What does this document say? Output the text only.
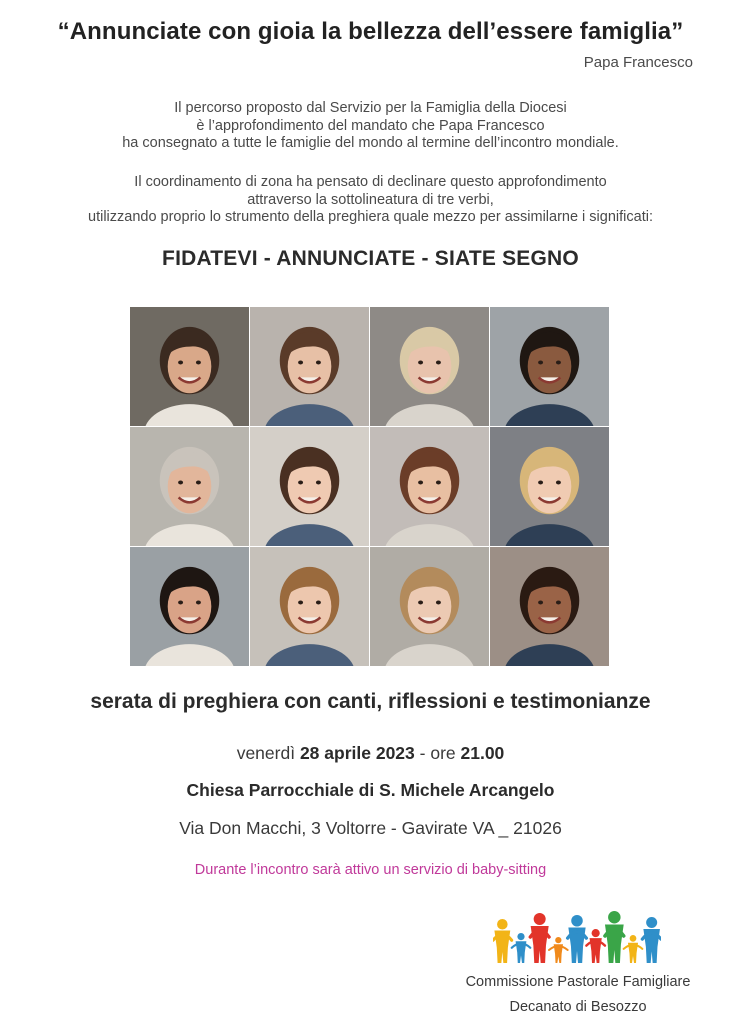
“Annunciate con gioia la bellezza dell’essere famiglia”
Papa Francesco
Il percorso proposto dal Servizio per la Famiglia della Diocesi
è l’approfondimento del mandato che Papa Francesco
ha consegnato a tutte le famiglie del mondo al termine dell’incontro mondiale.
Il coordinamento di zona ha pensato di declinare questo approfondimento
attraverso la sottolineatura di tre verbi,
utilizzando proprio lo strumento della preghiera quale mezzo per assimilarne i significati:
FIDATEVI - ANNUNCIATE - SIATE SEGNO
serata di preghiera con canti, riflessioni e testimonianze
venerdì 28 aprile 2023 - ore 21.00
Chiesa Parrocchiale di S. Michele Arcangelo
Via Don Macchi, 3 Voltorre - Gavirate VA _ 21026
Durante l’incontro sarà attivo un servizio di baby-sitting
Commissione Pastorale Famigliare
Decanato di Besozzo
